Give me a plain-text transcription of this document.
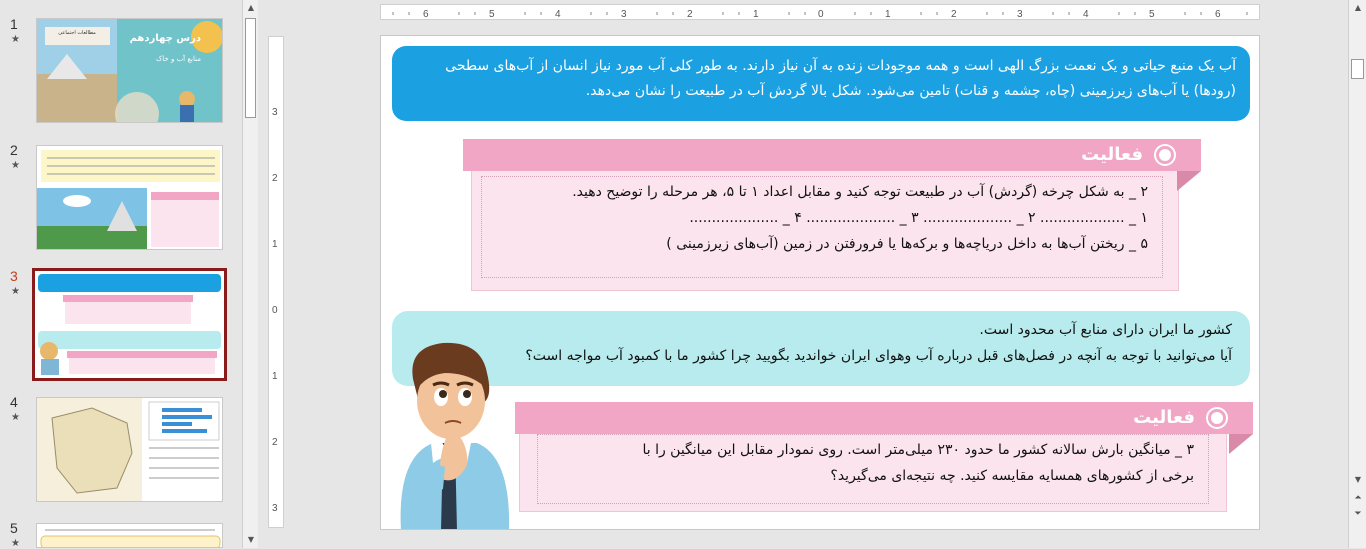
1
★	درس چهاردهم
منابع آب و خاک
مطالعات اجتماعی
2
★
3
★
4
★
5
★
▲
▼
6	5	4	3	2	1	0	1	2	3	4	5	6
3
2
1
0
1
2
3
آب یک منبع حیاتی و یک نعمت بزرگ الهی است و همه موجودات زنده به آن نیاز دارند. به طور کلی آب مورد نیاز انسان از آب‌های سطحی (رودها) یا آب‌های زیرزمینی (چاه، چشمه و قنات) تامین می‌شود. شکل بالا گردش آب در طبیعت را نشان می‌دهد.
فعالیت
۲ _ به شکل چرخه (گردش) آب در طبیعت توجه کنید و مقابل اعداد ۱ تا ۵، هر مرحله را توضیح دهید.
۱ _ ................... ۲ _ .................... ۳ _ .................... ۴ _ ....................
۵ _ ریختن آب‌ها به داخل دریاچه‌ها و برکه‌ها یا فرورفتن در زمین (آب‌های زیرزمینی )
کشور ما ایران دارای منابع آب محدود است.
آیا می‌توانید با توجه به آنچه در فصل‌های قبل درباره آب وهوای ایران خواندید بگویید چرا کشور ما با کمبود آب مواجه است؟
فعالیت
۳ _ میانگین بارش سالانه کشور ما حدود ۲۳۰ میلی‌متر است. روی نمودار مقابل این میانگین را با
برخی از کشورهای همسایه مقایسه کنید. چه نتیجه‌ای می‌گیرید؟
▲
▼
⏶
⏷
